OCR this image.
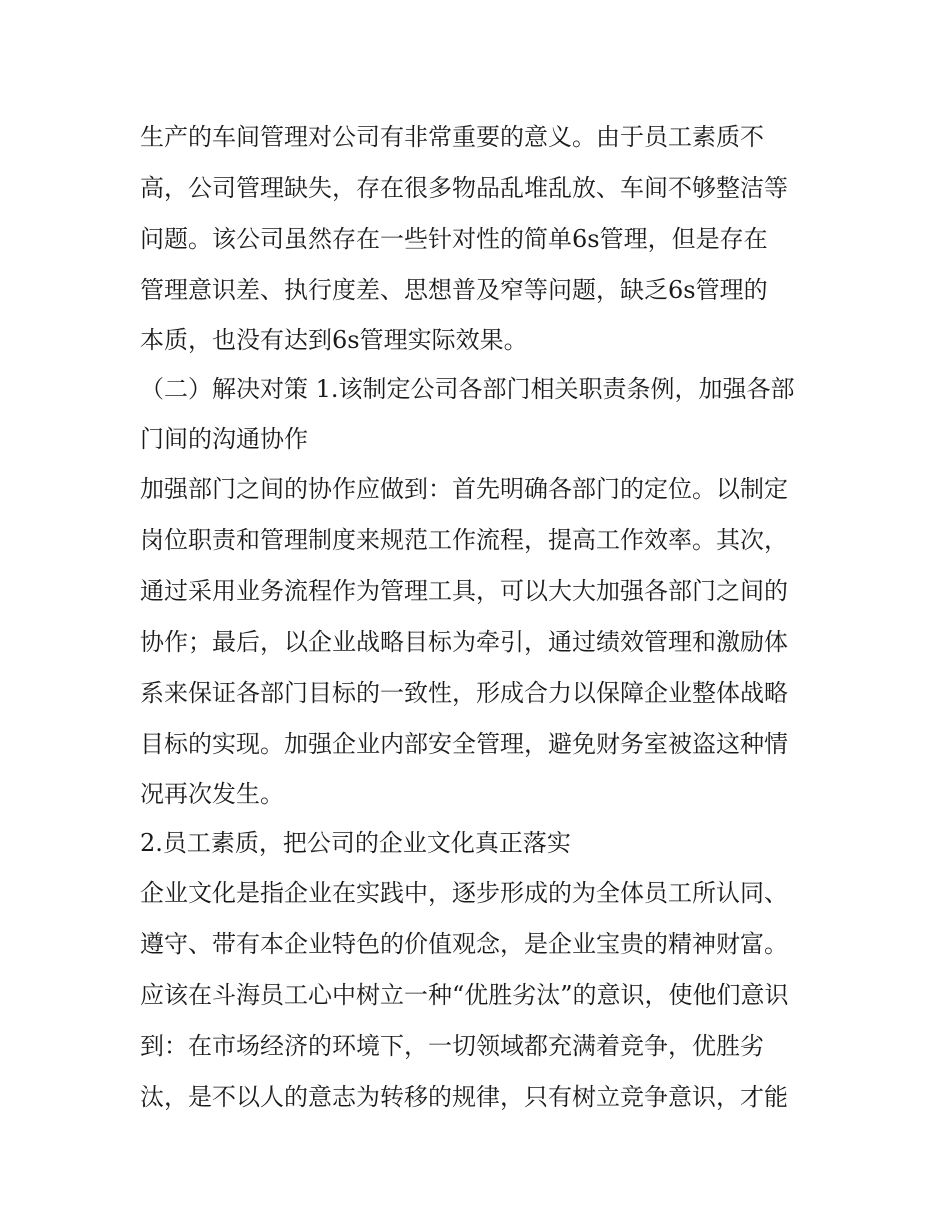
生产的车间管理对公司有非常重要的意义。由于员工素质不
高，公司管理缺失，存在很多物品乱堆乱放、车间不够整洁等
问题。该公司虽然存在一些针对性的简单6s管理，但是存在
管理意识差、执行度差、思想普及窄等问题，缺乏6s管理的
本质，也没有达到6s管理实际效果。
（二）解决对策 1.该制定公司各部门相关职责条例，加强各部
门间的沟通协作
加强部门之间的协作应做到：首先明确各部门的定位。以制定
岗位职责和管理制度来规范工作流程，提高工作效率。其次，
通过采用业务流程作为管理工具，可以大大加强各部门之间的
协作；最后，以企业战略目标为牵引，通过绩效管理和激励体
系来保证各部门目标的一致性，形成合力以保障企业整体战略
目标的实现。加强企业内部安全管理，避免财务室被盗这种情
况再次发生。
2.员工素质，把公司的企业文化真正落实
企业文化是指企业在实践中，逐步形成的为全体员工所认同、
遵守、带有本企业特色的价值观念，是企业宝贵的精神财富。
应该在斗海员工心中树立一种“优胜劣汰”的意识，使他们意识
到：在市场经济的环境下，一切领域都充满着竞争，优胜劣
汰，是不以人的意志为转移的规律，只有树立竞争意识，才能
